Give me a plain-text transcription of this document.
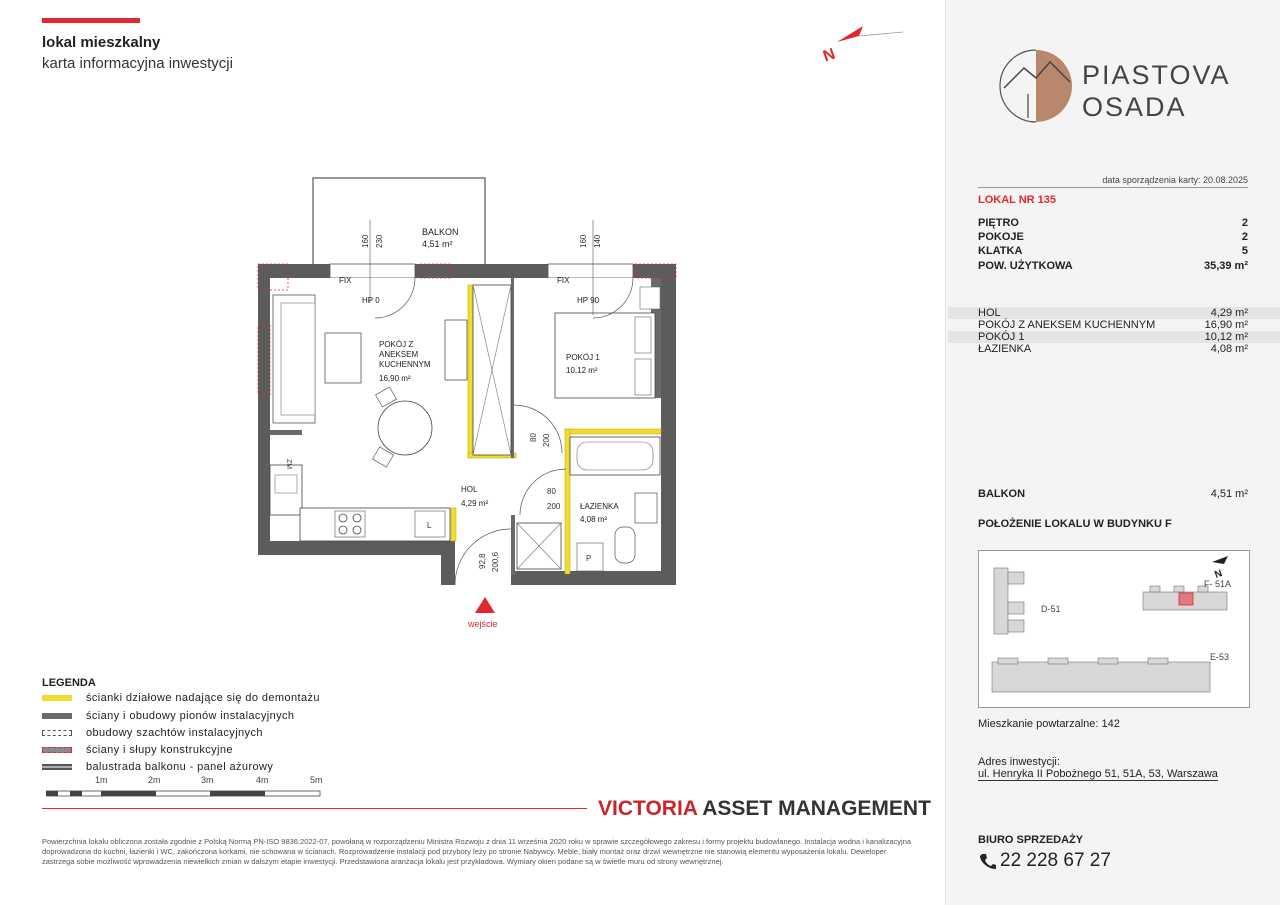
lokal mieszkalny
karta informacyjna inwestycji	N
ZM
L
P
160 230	160 140
BALKON
4,51 m²
FIX	FIX
HP 0	HP 90
POKÓJ Z
ANEKSEM
KUCHENNYM
16,90 m²
POKÓJ 1
10,12 m²
HOL
4,29 m²	ŁAZIENKA
4,08 m²
80 200
80
200
92,8 200,6
wejście
LEGENDA
ścianki działowe nadające się do demontażu
ściany i obudowy pionów instalacyjnych
obudowy szachtów instalacyjnych
ściany i słupy konstrukcyjne
balustrada balkonu - panel ażurowy
1m	2m	3m	4m	5m
VICTORIA ASSET MANAGEMENT
Powierzchnia lokalu obliczona została zgodnie z Polską Normą PN-ISO 9836:2022-07, powołaną w rozporządzeniu Ministra Rozwoju z dnia 11 września 2020 roku w sprawie szczegółowego zakresu i formy projektu budowlanego. Instalacja wodna i kanalizacyjna doprowadzona do kuchni, łazienki i WC, zakończona korkami, nie schowana w ścianach. Rozprowadzenie instalacji pod przybory leży po stronie Nabywcy. Meble, biały montaż oraz drzwi wewnętrzne nie stanowią elementu wyposażenia lokalu. Deweloper zastrzega sobie możliwość wprowadzenia niewielkich zmian w dalszym etapie inwestycji. Przedstawiona aranżacja lokalu jest przykładowa. Wymiary okien podane są w świetle muru od strony wewnętrznej.
PIASTOVA
OSADA
data sporządzenia karty: 20.08.2025
LOKAL NR 135
PIĘTRO	2
POKOJE	2
KLATKA	5
POW. UŻYTKOWA	35,39 m²
HOL	4,29 m²
POKÓJ Z ANEKSEM KUCHENNYM	16,90 m²
POKÓJ 1	10,12 m²
ŁAZIENKA	4,08 m²
BALKON	4,51 m²
POŁOŻENIE LOKALU W BUDYNKU F
D-51
F- 51A
E-53
N
Mieszkanie powtarzalne: 142
Adres inwestycji:
ul. Henryka II Pobożnego 51, 51A, 53, Warszawa
BIURO SPRZEDAŻY
22 228 67 27
